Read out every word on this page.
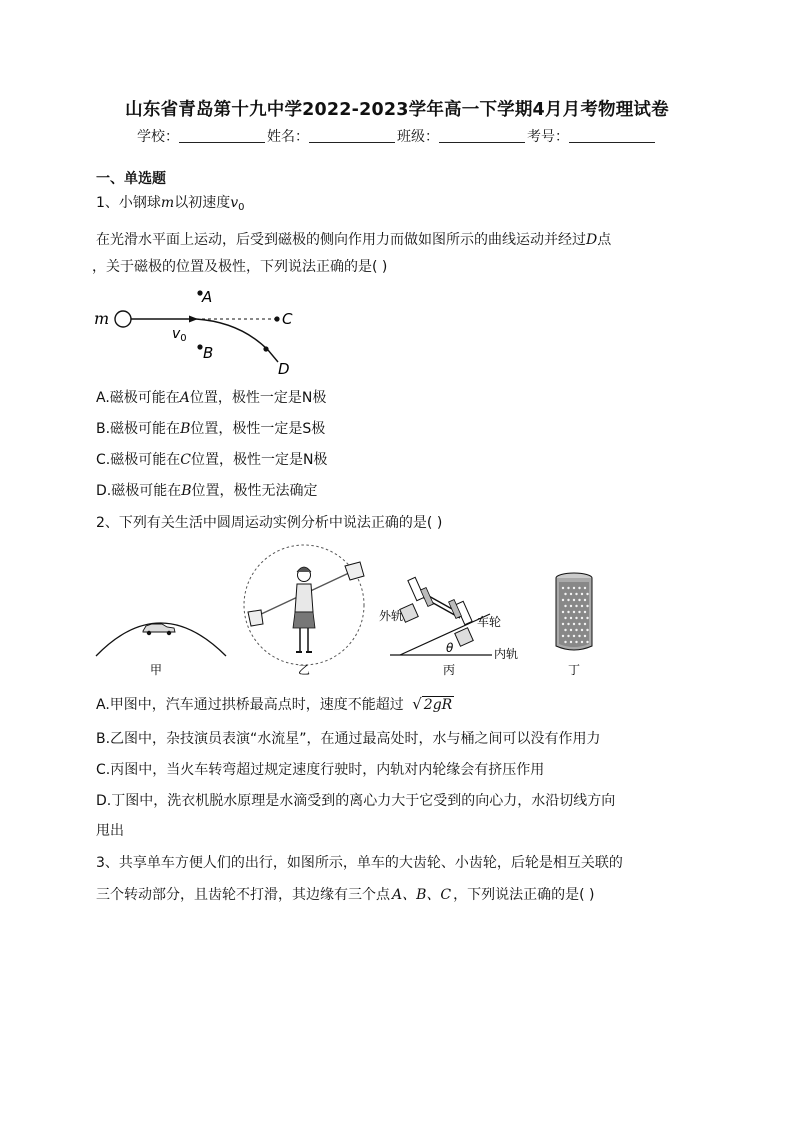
山东省青岛第十九中学2022-2023学年高一下学期4月月考物理试卷
学校：	姓名：	班级：	考号：
一、单选题
1、小钢球m以初速度$v_0$
在光滑水平面上运动，后受到磁极的侧向作用力而做如图所示的曲线运动并经过D点
，关于磁极的位置及极性，下列说法正确的是( )
m
A
C
B
D
$v_0$
A.磁极可能在A位置，极性一定是N极
B.磁极可能在B位置，极性一定是S极
C.磁极可能在C位置，极性一定是N极
D.磁极可能在B位置，极性无法确定
2、下列有关生活中圆周运动实例分析中说法正确的是( )
甲	乙
外轨	车轮
内轨
θ
丙	丁
A.甲图中，汽车通过拱桥最高点时，速度不能超过 √ 2gR
B.乙图中，杂技演员表演“水流星”，在通过最高处时，水与桶之间可以没有作用力
C.丙图中，当火车转弯超过规定速度行驶时，内轨对内轮缘会有挤压作用
D.丁图中，洗衣机脱水原理是水滴受到的离心力大于它受到的向心力，水沿切线方向
甩出
3、共享单车方便人们的出行，如图所示，单车的大齿轮、小齿轮，后轮是相互关联的
三个转动部分，且齿轮不打滑，其边缘有三个点 A、B、C ，下列说法正确的是( )
